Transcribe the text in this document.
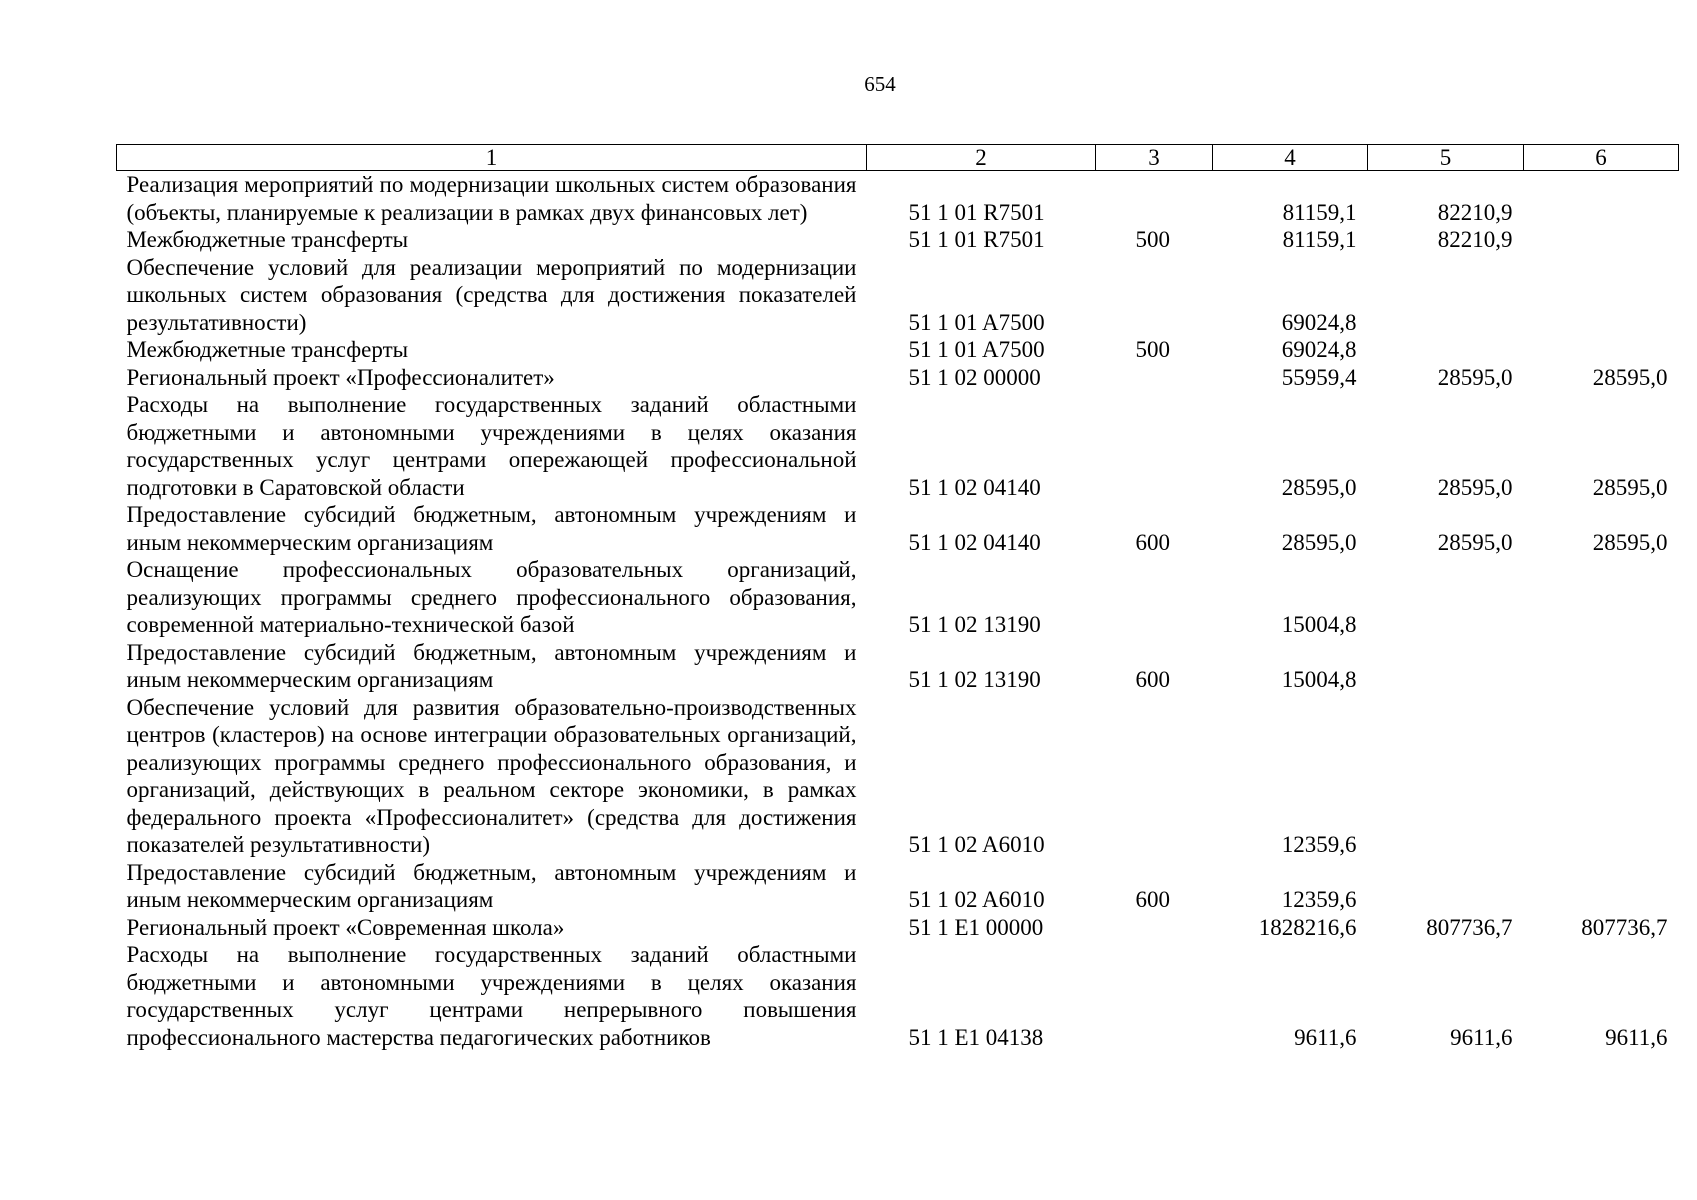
654
1	2	3	4	5	6
Реализация мероприятий по модернизации школьных систем образования (объекты, планируемые к реализации в рамках двух финансовых лет)	51 1 01 R7501		81159,1	82210,9	
Межбюджетные трансферты	51 1 01 R7501	500	81159,1	82210,9	
Обеспечение условий для реализации мероприятий по модернизации школьных систем образования (средства для достижения показателей результативности)	51 1 01 A7500		69024,8		
Межбюджетные трансферты	51 1 01 A7500	500	69024,8		
Региональный проект «Профессионалитет»	51 1 02 00000		55959,4	28595,0	28595,0
Расходы на выполнение государственных заданий областными бюджетными и автономными учреждениями в целях оказания государственных услуг центрами опережающей профессиональной подготовки в Саратовской области	51 1 02 04140		28595,0	28595,0	28595,0
Предоставление субсидий бюджетным, автономным учреждениям и иным некоммерческим организациям	51 1 02 04140	600	28595,0	28595,0	28595,0
Оснащение профессиональных образовательных организаций, реализующих программы среднего профессионального образования, современной материально-технической базой	51 1 02 13190		15004,8		
Предоставление субсидий бюджетным, автономным учреждениям и иным некоммерческим организациям	51 1 02 13190	600	15004,8		
Обеспечение условий для развития образовательно-производственных центров (кластеров) на основе интеграции образовательных организаций, реализующих программы среднего профессионального образования, и организаций, действующих в реальном секторе экономики, в рамках федерального проекта «Профессионалитет» (средства для достижения показателей результативности)	51 1 02 A6010		12359,6		
Предоставление субсидий бюджетным, автономным учреждениям и иным некоммерческим организациям	51 1 02 A6010	600	12359,6		
Региональный проект «Современная школа»	51 1 E1 00000		1828216,6	807736,7	807736,7
Расходы на выполнение государственных заданий областными бюджетными и автономными учреждениями в целях оказания государственных услуг центрами непрерывного повышения профессионального мастерства педагогических работников	51 1 E1 04138		9611,6	9611,6	9611,6
